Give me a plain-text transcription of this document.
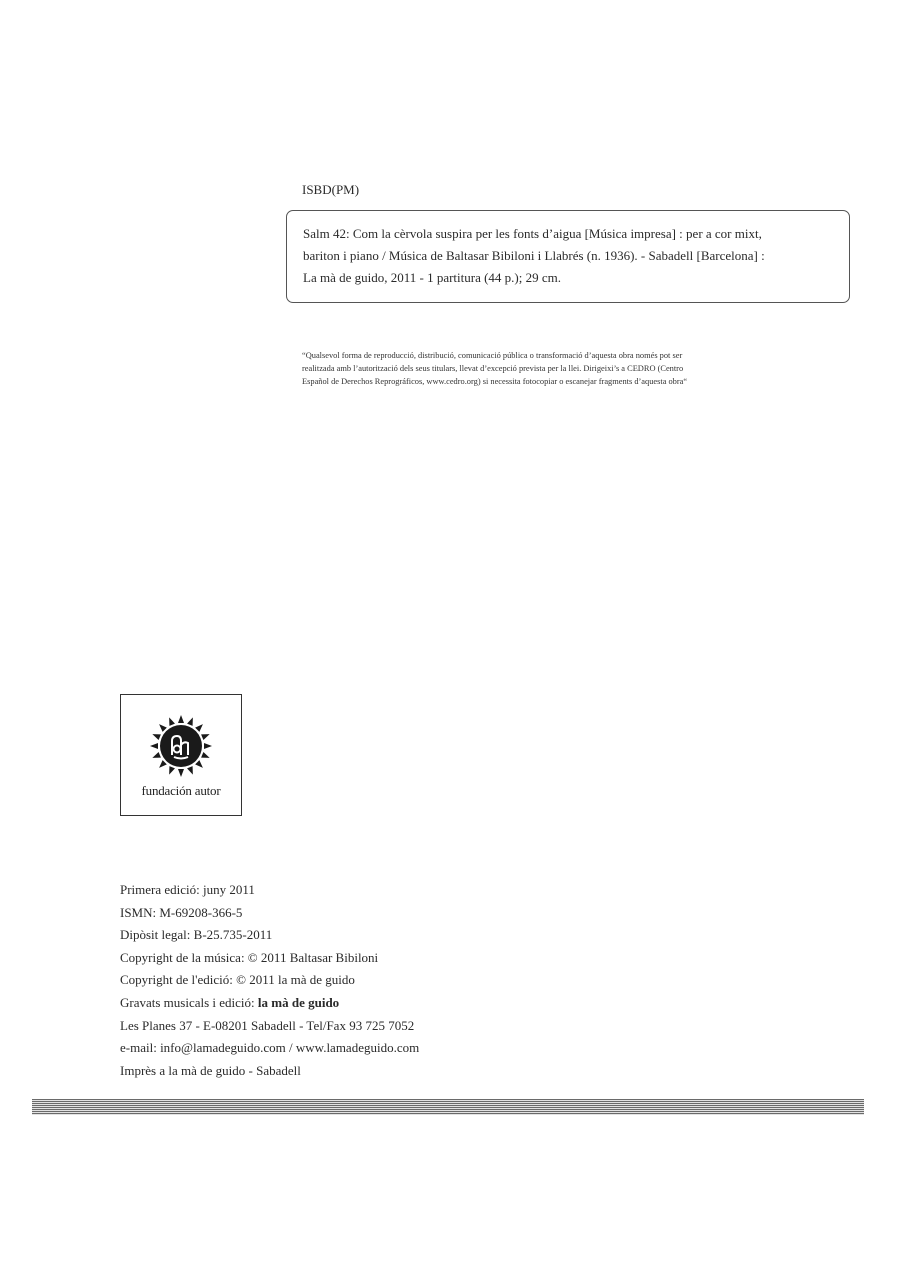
ISBD(PM)
Salm 42: Com la cèrvola suspira per les fonts d’aigua [Música impresa] : per a cor mixt,
bariton i piano / Música de Baltasar Bibiloni i Llabrés (n. 1936). - Sabadell [Barcelona] :
La mà de guido, 2011 - 1 partitura (44 p.); 29 cm.
“Qualsevol forma de reproducció, distribució, comunicació pública o transformació d’aquesta obra només pot ser
realitzada amb l’autorització dels seus titulars, llevat d’excepció prevista per la llei. Dirigeixi’s a CEDRO (Centro
Español de Derechos Reprográficos, www.cedro.org) si necessita fotocopiar o escanejar fragments d’aquesta obra“
fundación autor
Primera edició: juny 2011
ISMN: M-69208-366-5
Dipòsit legal: B-25.735-2011
Copyright de la música: © 2011 Baltasar Bibiloni
Copyright de l'edició: © 2011 la mà de guido
Gravats musicals i edició: la mà de guido
Les Planes 37 - E-08201 Sabadell - Tel/Fax 93 725 7052
e-mail: info@lamadeguido.com / www.lamadeguido.com
Imprès a la mà de guido - Sabadell
